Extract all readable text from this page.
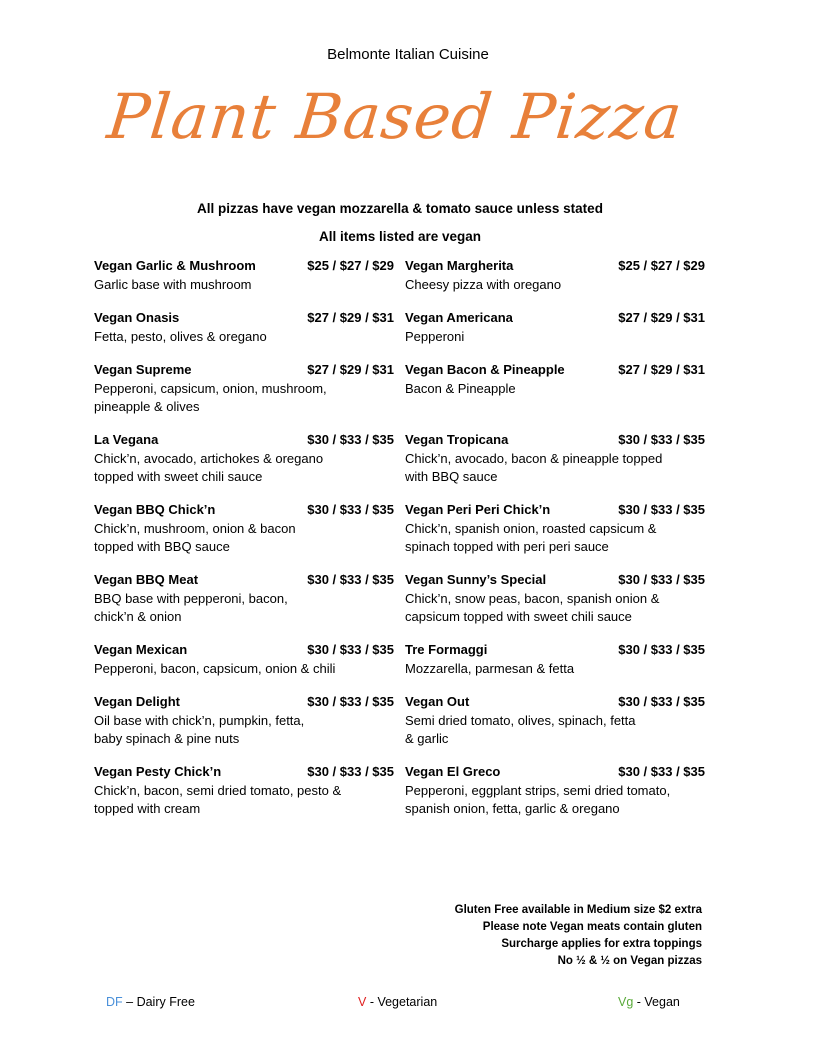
Belmonte Italian Cuisine
Plant Based Pizza
All pizzas have vegan mozzarella & tomato sauce unless stated
All items listed are vegan
Vegan Garlic & Mushroom	$25 / $27 / $29
Garlic base with mushroom
Vegan Onasis	$27 / $29 / $31
Fetta, pesto, olives & oregano
Vegan Supreme	$27 / $29 / $31
Pepperoni, capsicum, onion, mushroom,
pineapple & olives
La Vegana	$30 / $33 / $35
Chick’n, avocado, artichokes & oregano
topped with sweet chili sauce
Vegan BBQ Chick’n	$30 / $33 / $35
Chick’n, mushroom, onion & bacon
topped with BBQ sauce
Vegan BBQ Meat	$30 / $33 / $35
BBQ base with pepperoni, bacon,
chick’n & onion
Vegan Mexican	$30 / $33 / $35
Pepperoni, bacon, capsicum, onion & chili
Vegan Delight	$30 / $33 / $35
Oil base with chick’n, pumpkin, fetta,
baby spinach & pine nuts
Vegan Pesty Chick’n	$30 / $33 / $35
Chick’n, bacon, semi dried tomato, pesto &
topped with cream
Vegan Margherita	$25 / $27 / $29
Cheesy pizza with oregano
Vegan Americana	$27 / $29 / $31
Pepperoni
Vegan Bacon & Pineapple	$27 / $29 / $31
Bacon & Pineapple
Vegan Tropicana	$30 / $33 / $35
Chick’n, avocado, bacon & pineapple topped
with BBQ sauce
Vegan Peri Peri Chick’n	$30 / $33 / $35
Chick’n, spanish onion, roasted capsicum &
spinach topped with peri peri sauce
Vegan Sunny’s Special	$30 / $33 / $35
Chick’n, snow peas, bacon, spanish onion &
capsicum topped with sweet chili sauce
Tre Formaggi	$30 / $33 / $35
Mozzarella, parmesan & fetta
Vegan Out	$30 / $33 / $35
Semi dried tomato, olives, spinach, fetta
& garlic
Vegan El Greco	$30 / $33 / $35
Pepperoni, eggplant strips, semi dried tomato,
spanish onion, fetta, garlic & oregano
Gluten Free available in Medium size $2 extra
Please note Vegan meats contain gluten
Surcharge applies for extra toppings
No ½ & ½ on Vegan pizzas
DF – Dairy Free	V - Vegetarian	Vg - Vegan
